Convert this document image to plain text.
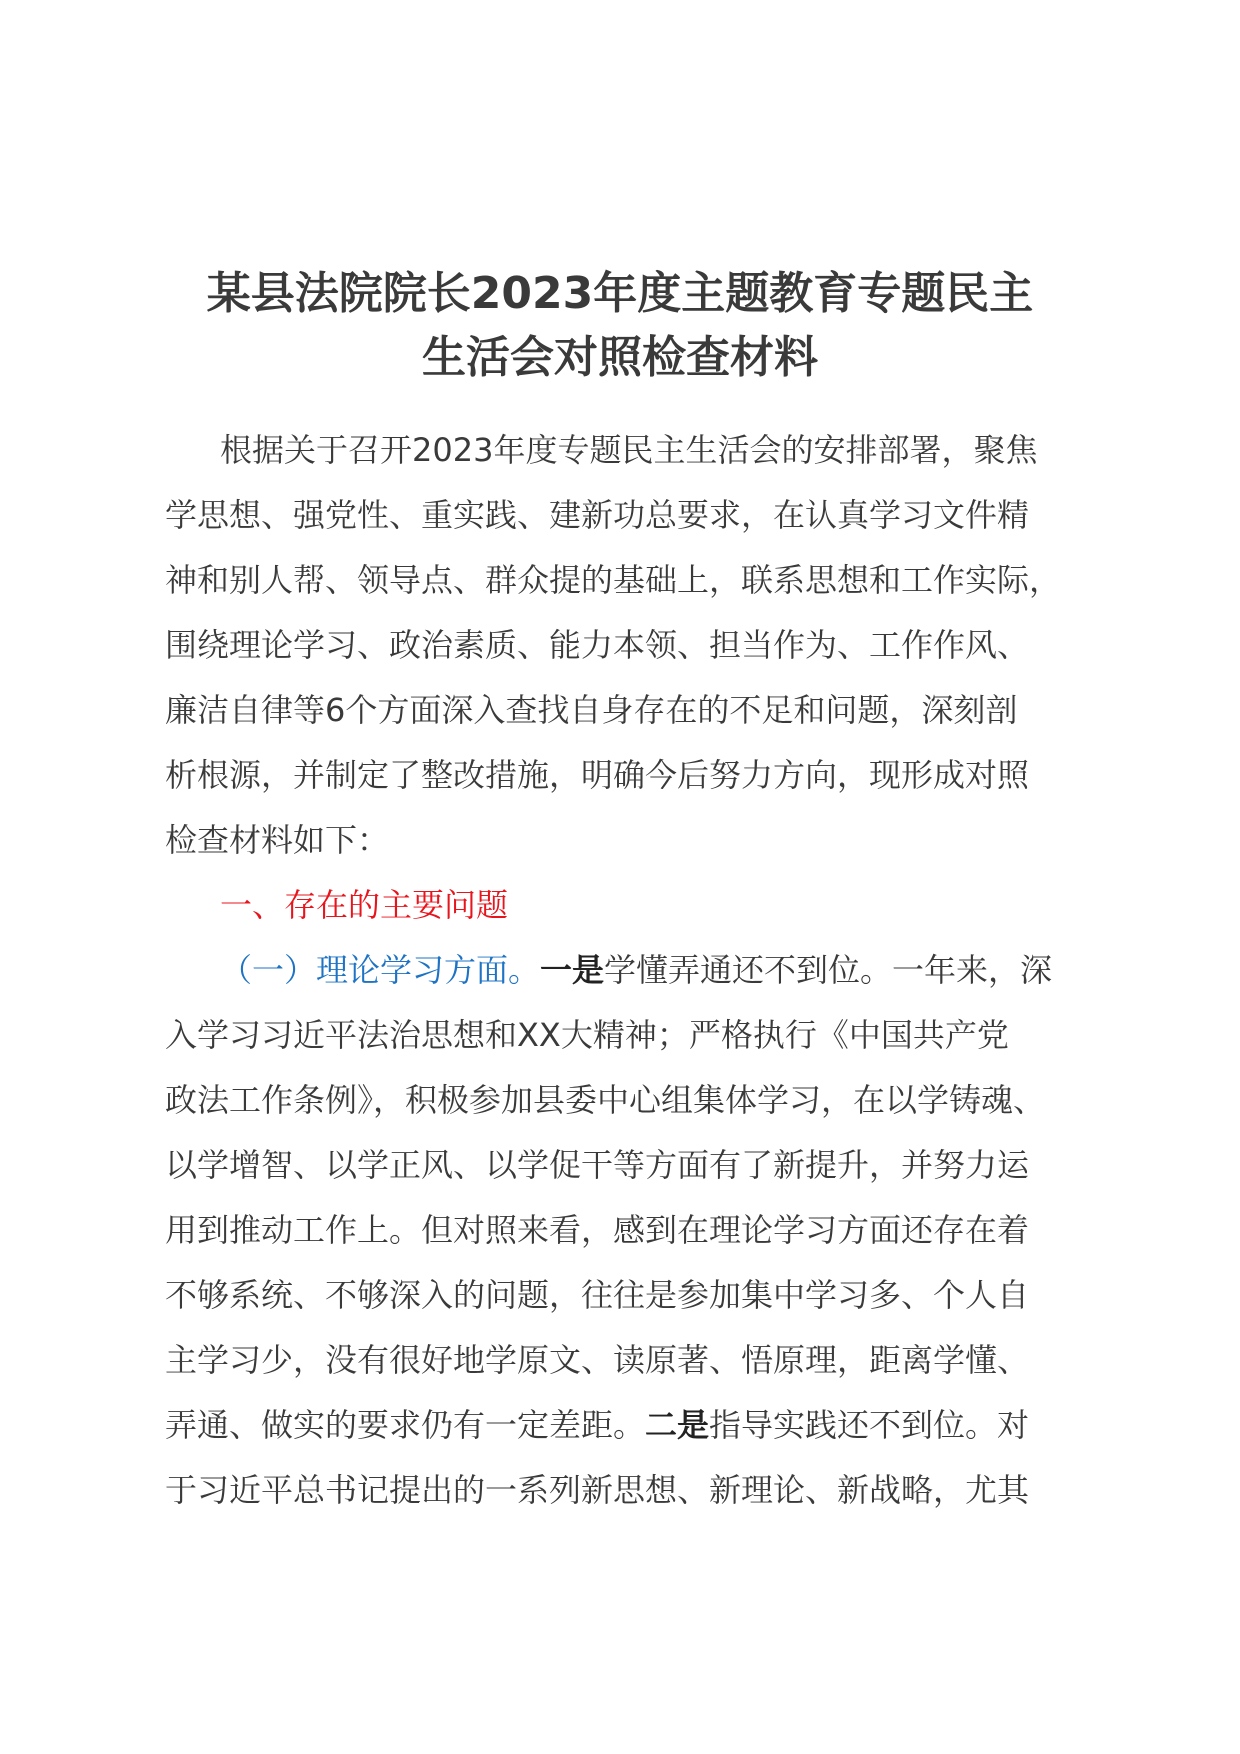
某县法院院长2023年度主题教育专题民主
生活会对照检查材料
根据关于召开2023年度专题民主生活会的安排部署，聚焦
学思想、强党性、重实践、建新功总要求，在认真学习文件精
神和别人帮、领导点、群众提的基础上，联系思想和工作实际，
围绕理论学习、政治素质、能力本领、担当作为、工作作风、
廉洁自律等6个方面深入查找自身存在的不足和问题，深刻剖
析根源，并制定了整改措施，明确今后努力方向，现形成对照
检查材料如下：
一、存在的主要问题
（一）理论学习方面。一是学懂弄通还不到位。一年来，深
入学习习近平法治思想和XX大精神；严格执行《中国共产党
政法工作条例》，积极参加县委中心组集体学习，在以学铸魂、
以学增智、以学正风、以学促干等方面有了新提升，并努力运
用到推动工作上。但对照来看，感到在理论学习方面还存在着
不够系统、不够深入的问题，往往是参加集中学习多、个人自
主学习少，没有很好地学原文、读原著、悟原理，距离学懂、
弄通、做实的要求仍有一定差距。二是指导实践还不到位。对
于习近平总书记提出的一系列新思想、新理论、新战略，尤其
